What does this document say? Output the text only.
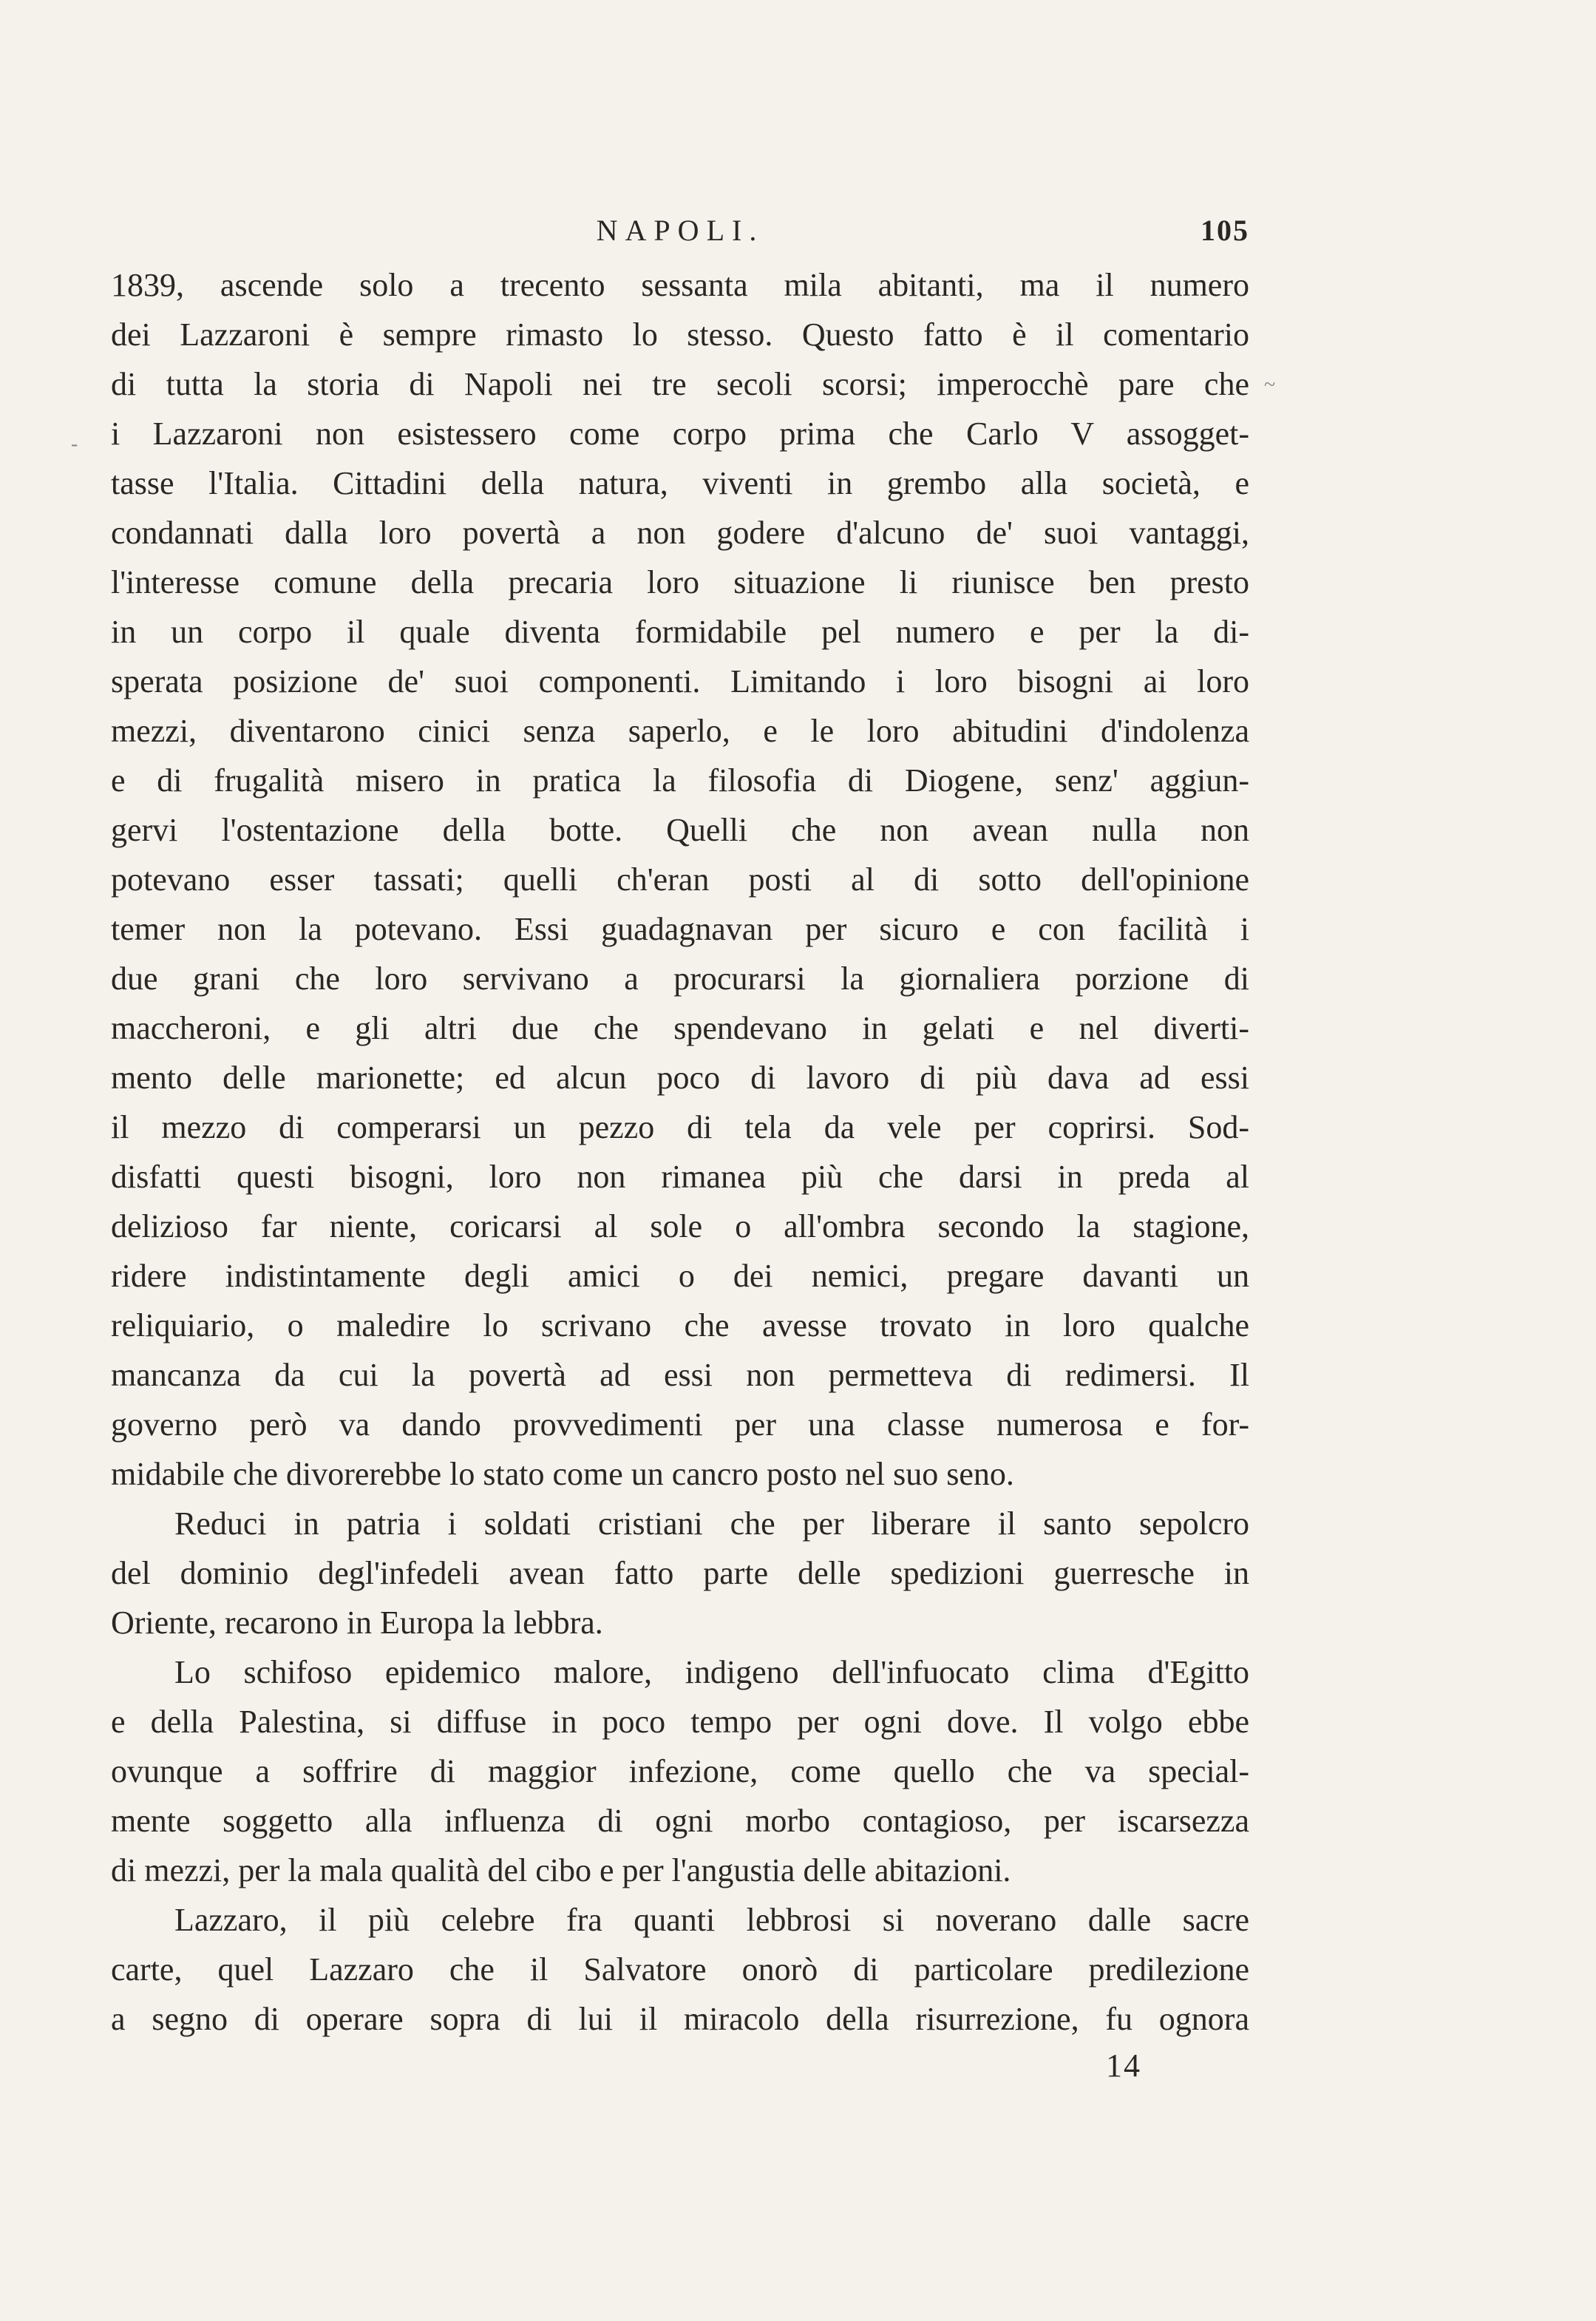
NAPOLI.	105
1839, ascende solo a trecento sessanta mila abitanti, ma il numero
dei Lazzaroni è sempre rimasto lo stesso. Questo fatto è il comentario
di tutta la storia di Napoli nei tre secoli scorsi; imperocchè pare che
i Lazzaroni non esistessero come corpo prima che Carlo V assogget-
tasse l'Italia. Cittadini della natura, viventi in grembo alla società, e
condannati dalla loro povertà a non godere d'alcuno de' suoi vantaggi,
l'interesse comune della precaria loro situazione li riunisce ben presto
in un corpo il quale diventa formidabile pel numero e per la di-
sperata posizione de' suoi componenti. Limitando i loro bisogni ai loro
mezzi, diventarono cinici senza saperlo, e le loro abitudini d'indolenza
e di frugalità misero in pratica la filosofia di Diogene, senz' aggiun-
gervi l'ostentazione della botte. Quelli che non avean nulla non
potevano esser tassati; quelli ch'eran posti al di sotto dell'opinione
temer non la potevano. Essi guadagnavan per sicuro e con facilità i
due grani che loro servivano a procurarsi la giornaliera porzione di
maccheroni, e gli altri due che spendevano in gelati e nel diverti-
mento delle marionette; ed alcun poco di lavoro di più dava ad essi
il mezzo di comperarsi un pezzo di tela da vele per coprirsi. Sod-
disfatti questi bisogni, loro non rimanea più che darsi in preda al
delizioso far niente, coricarsi al sole o all'ombra secondo la stagione,
ridere indistintamente degli amici o dei nemici, pregare davanti un
reliquiario, o maledire lo scrivano che avesse trovato in loro qualche
mancanza da cui la povertà ad essi non permetteva di redimersi. Il
governo però va dando provvedimenti per una classe numerosa e for-
midabile che divorerebbe lo stato come un cancro posto nel suo seno.
Reduci in patria i soldati cristiani che per liberare il santo sepolcro
del dominio degl'infedeli avean fatto parte delle spedizioni guerresche in
Oriente, recarono in Europa la lebbra.
Lo schifoso epidemico malore, indigeno dell'infuocato clima d'Egitto
e della Palestina, si diffuse in poco tempo per ogni dove. Il volgo ebbe
ovunque a soffrire di maggior infezione, come quello che va special-
mente soggetto alla influenza di ogni morbo contagioso, per iscarsezza
di mezzi, per la mala qualità del cibo e per l'angustia delle abitazioni.
Lazzaro, il più celebre fra quanti lebbrosi si noverano dalle sacre
carte, quel Lazzaro che il Salvatore onorò di particolare predilezione
a segno di operare sopra di lui il miracolo della risurrezione, fu ognora
-
~
14
